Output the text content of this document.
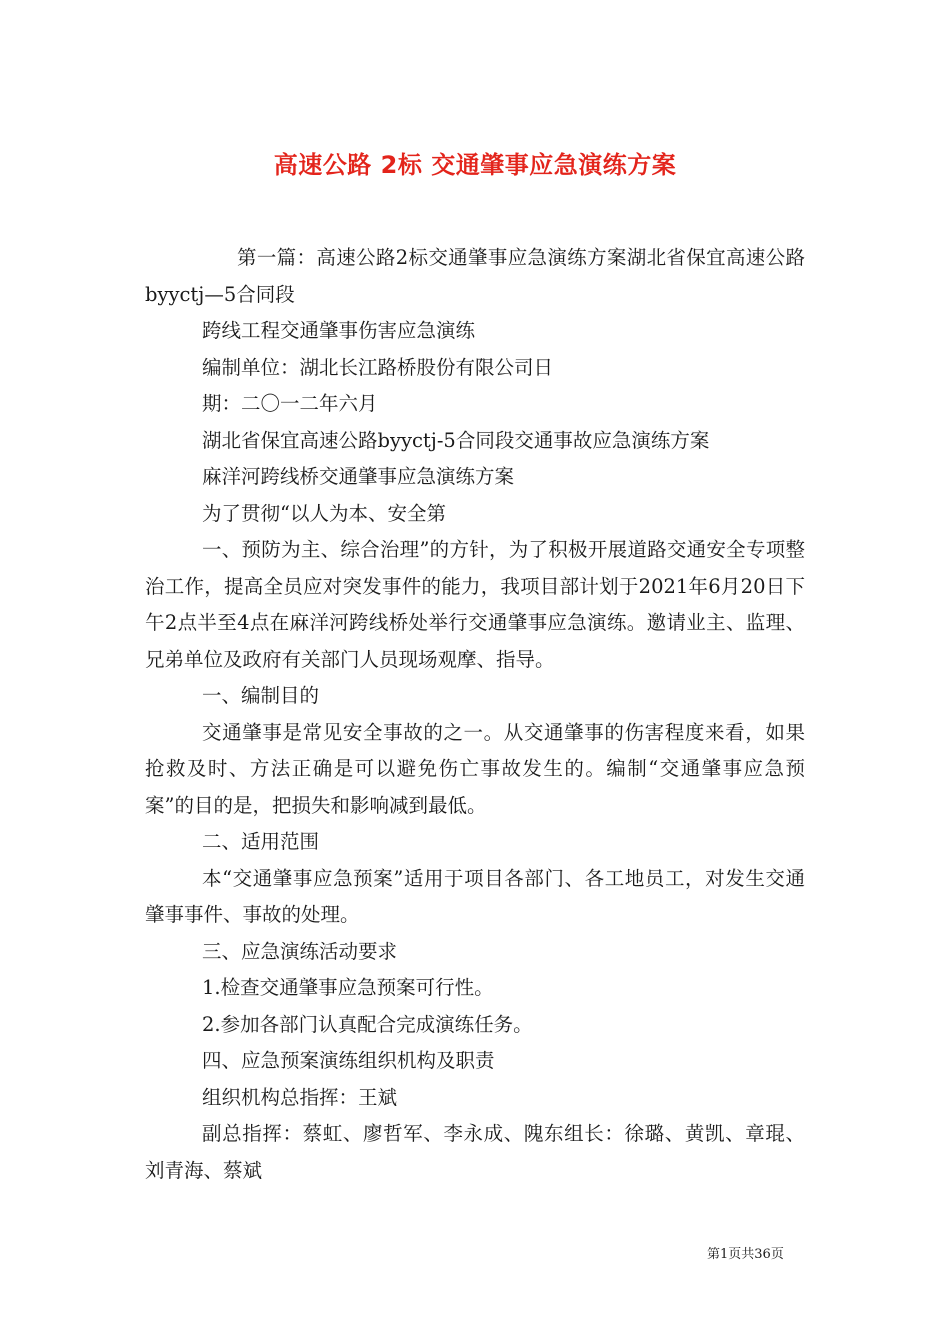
高速公路 2标 交通肇事应急演练方案

第一篇：高速公路2标交通肇事应急演练方案湖北省保宜高速公路byyctj—5合同段

跨线工程交通肇事伤害应急演练

编制单位：湖北长江路桥股份有限公司日

期：二〇一二年六月

湖北省保宜高速公路byyctj-5合同段交通事故应急演练方案

麻洋河跨线桥交通肇事应急演练方案

为了贯彻“以人为本、安全第

一、预防为主、综合治理”的方针，为了积极开展道路交通安全专项整治工作，提高全员应对突发事件的能力，我项目部计划于2021年6月20日下午2点半至4点在麻洋河跨线桥处举行交通肇事应急演练。邀请业主、监理、兄弟单位及政府有关部门人员现场观摩、指导。

一、编制目的

交通肇事是常见安全事故的之一。从交通肇事的伤害程度来看，如果抢救及时、方法正确是可以避免伤亡事故发生的。编制“交通肇事应急预案”的目的是，把损失和影响减到最低。

二、适用范围

本“交通肇事应急预案”适用于项目各部门、各工地员工，对发生交通肇事事件、事故的处理。

三、应急演练活动要求

1.检查交通肇事应急预案可行性。

2.参加各部门认真配合完成演练任务。

四、应急预案演练组织机构及职责

组织机构总指挥：王斌

副总指挥：蔡虹、廖哲军、李永成、隗东组长：徐璐、黄凯、章琨、刘青海、蔡斌

第1页共36页
